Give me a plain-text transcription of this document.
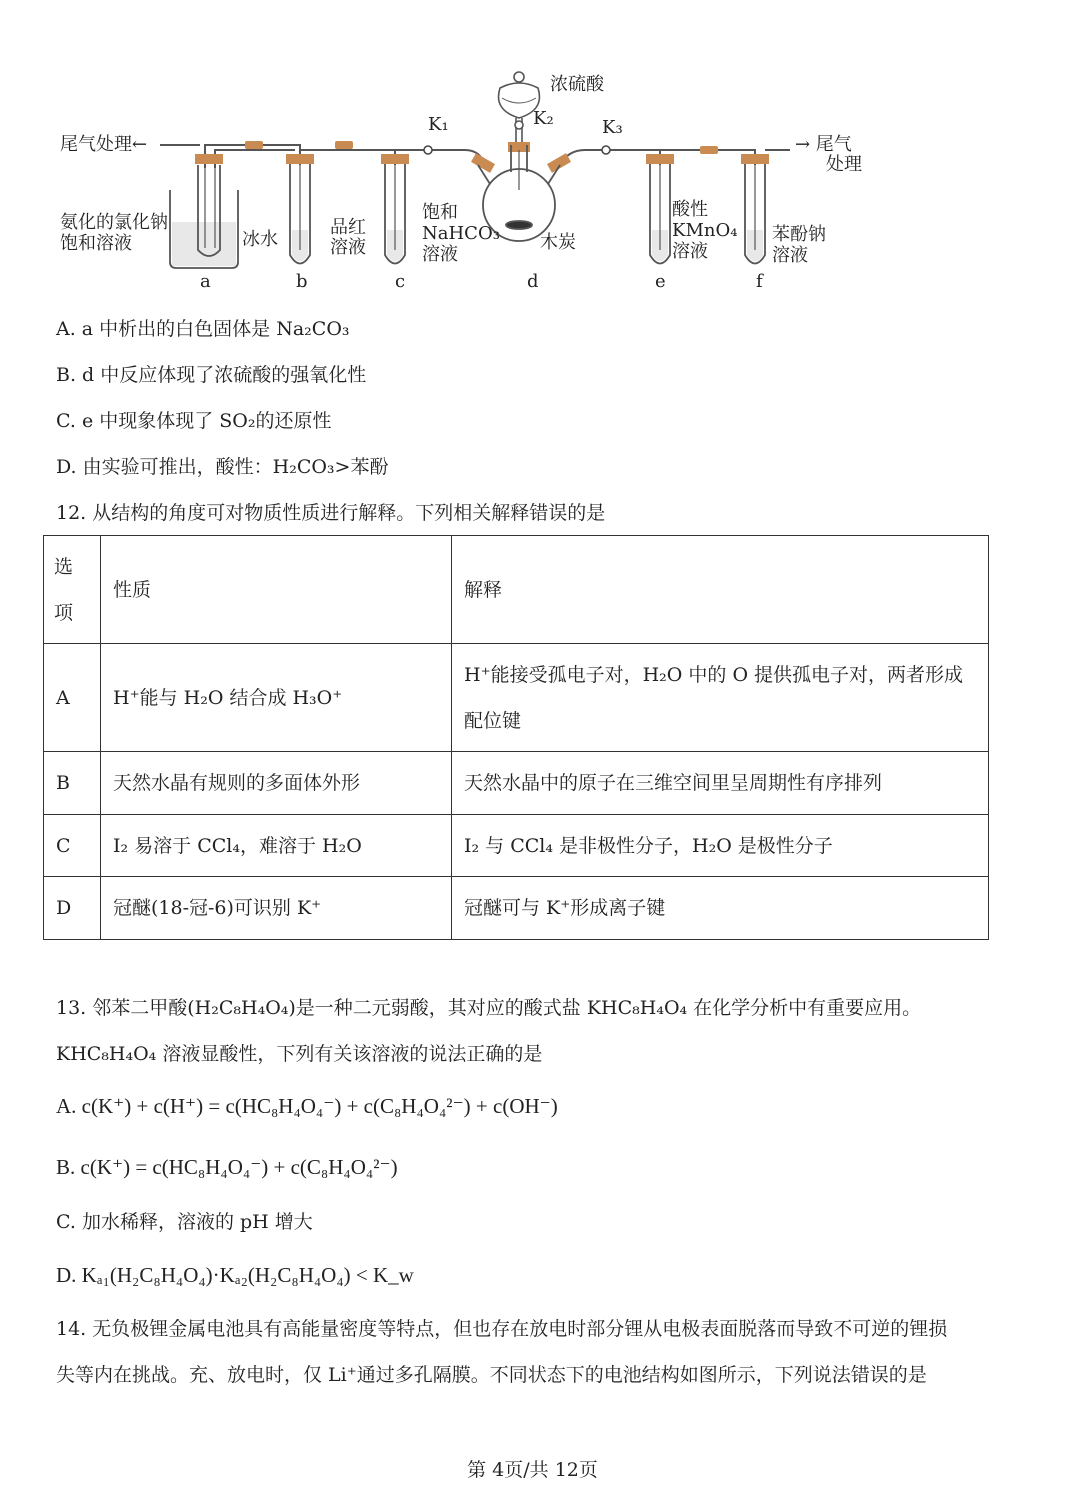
尾气处理←	→ 尾气
处理
浓硫酸
K₁	K₂	K₃
氨化的氯化钠
饱和溶液	冰水
品红
溶液
饱和
NaHCO₃
溶液
木炭
酸性
KMnO₄
溶液
苯酚钠
溶液
a	b	c	d	e	f
A. a 中析出的白色固体是 Na₂CO₃
B. d 中反应体现了浓硫酸的强氧化性
C. e 中现象体现了 SO₂的还原性
D. 由实验可推出，酸性：H₂CO₃>苯酚
12. 从结构的角度可对物质性质进行解释。下列相关解释错误的是
选项	性质	解释
A	H⁺能与 H₂O 结合成 H₃O⁺	H⁺能接受孤电子对，H₂O 中的 O 提供孤电子对，两者形成配位键
B	天然水晶有规则的多面体外形	天然水晶中的原子在三维空间里呈周期性有序排列
C	I₂ 易溶于 CCl₄，难溶于 H₂O	I₂ 与 CCl₄ 是非极性分子，H₂O 是极性分子
D	冠醚(18-冠-6)可识别 K⁺	冠醚可与 K⁺形成离子键
13. 邻苯二甲酸(H₂C₈H₄O₄)是一种二元弱酸，其对应的酸式盐 KHC₈H₄O₄ 在化学分析中有重要应用。
KHC₈H₄O₄ 溶液显酸性，下列有关该溶液的说法正确的是
A. c(K⁺) + c(H⁺) = c(HC₈H₄O₄⁻) + c(C₈H₄O₄²⁻) + c(OH⁻)
B. c(K⁺) = c(HC₈H₄O₄⁻) + c(C₈H₄O₄²⁻)
C. 加水稀释，溶液的 pH 增大
D. Kₐ₁(H₂C₈H₄O₄)·Kₐ₂(H₂C₈H₄O₄) < K_w
14. 无负极锂金属电池具有高能量密度等特点，但也存在放电时部分锂从电极表面脱落而导致不可逆的锂损
失等内在挑战。充、放电时，仅 Li⁺通过多孔隔膜。不同状态下的电池结构如图所示，下列说法错误的是
第 4页/共 12页
